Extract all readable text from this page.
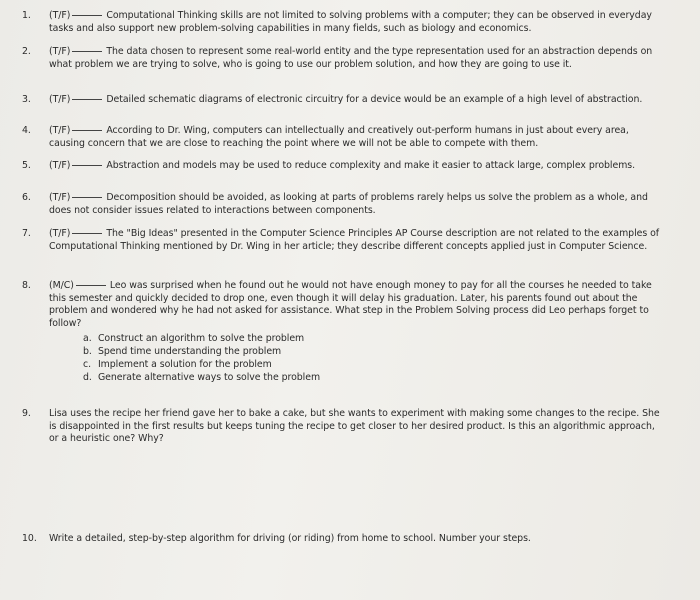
1.	(T/F)	Computational Thinking skills are not limited to solving problems with a computer; they can be observed in everyday tasks and also support new problem-solving capabilities in many fields, such as biology and economics.
2.	(T/F)	The data chosen to represent some real-world entity and the type representation used for an abstraction depends on what problem we are trying to solve, who is going to use our problem solution, and how they are going to use it.
3.	(T/F)	Detailed schematic diagrams of electronic circuitry for a device would be an example of a high level of abstraction.
4.	(T/F)	According to Dr. Wing, computers can intellectually and creatively out-perform humans in just about every area, causing concern that we are close to reaching the point where we will not be able to compete with them.
5.	(T/F)	Abstraction and models may be used to reduce complexity and make it easier to attack large, complex problems.
6.	(T/F)	Decomposition should be avoided, as looking at parts of problems rarely helps us solve the problem as a whole, and does not consider issues related to interactions between components.
7.	(T/F)	The "Big Ideas" presented in the Computer Science Principles AP Course description are not related to the examples of Computational Thinking mentioned by Dr. Wing in her article; they describe different concepts applied just in Computer Science.
8.	(M/C)	Leo was surprised when he found out he would not have enough money to pay for all the courses he needed to take this semester and quickly decided to drop one, even though it will delay his graduation. Later, his parents found out about the problem and wondered why he had not asked for assistance. What step in the Problem Solving process did Leo perhaps forget to follow?
a. Construct an algorithm to solve the problem
b. Spend time understanding the problem
c. Implement a solution for the problem
d. Generate alternative ways to solve the problem
9.	Lisa uses the recipe her friend gave her to bake a cake, but she wants to experiment with making some changes to the recipe. She is disappointed in the first results but keeps tuning the recipe to get closer to her desired product. Is this an algorithmic approach, or a heuristic one? Why?
10.	Write a detailed, step-by-step algorithm for driving (or riding) from home to school. Number your steps.
